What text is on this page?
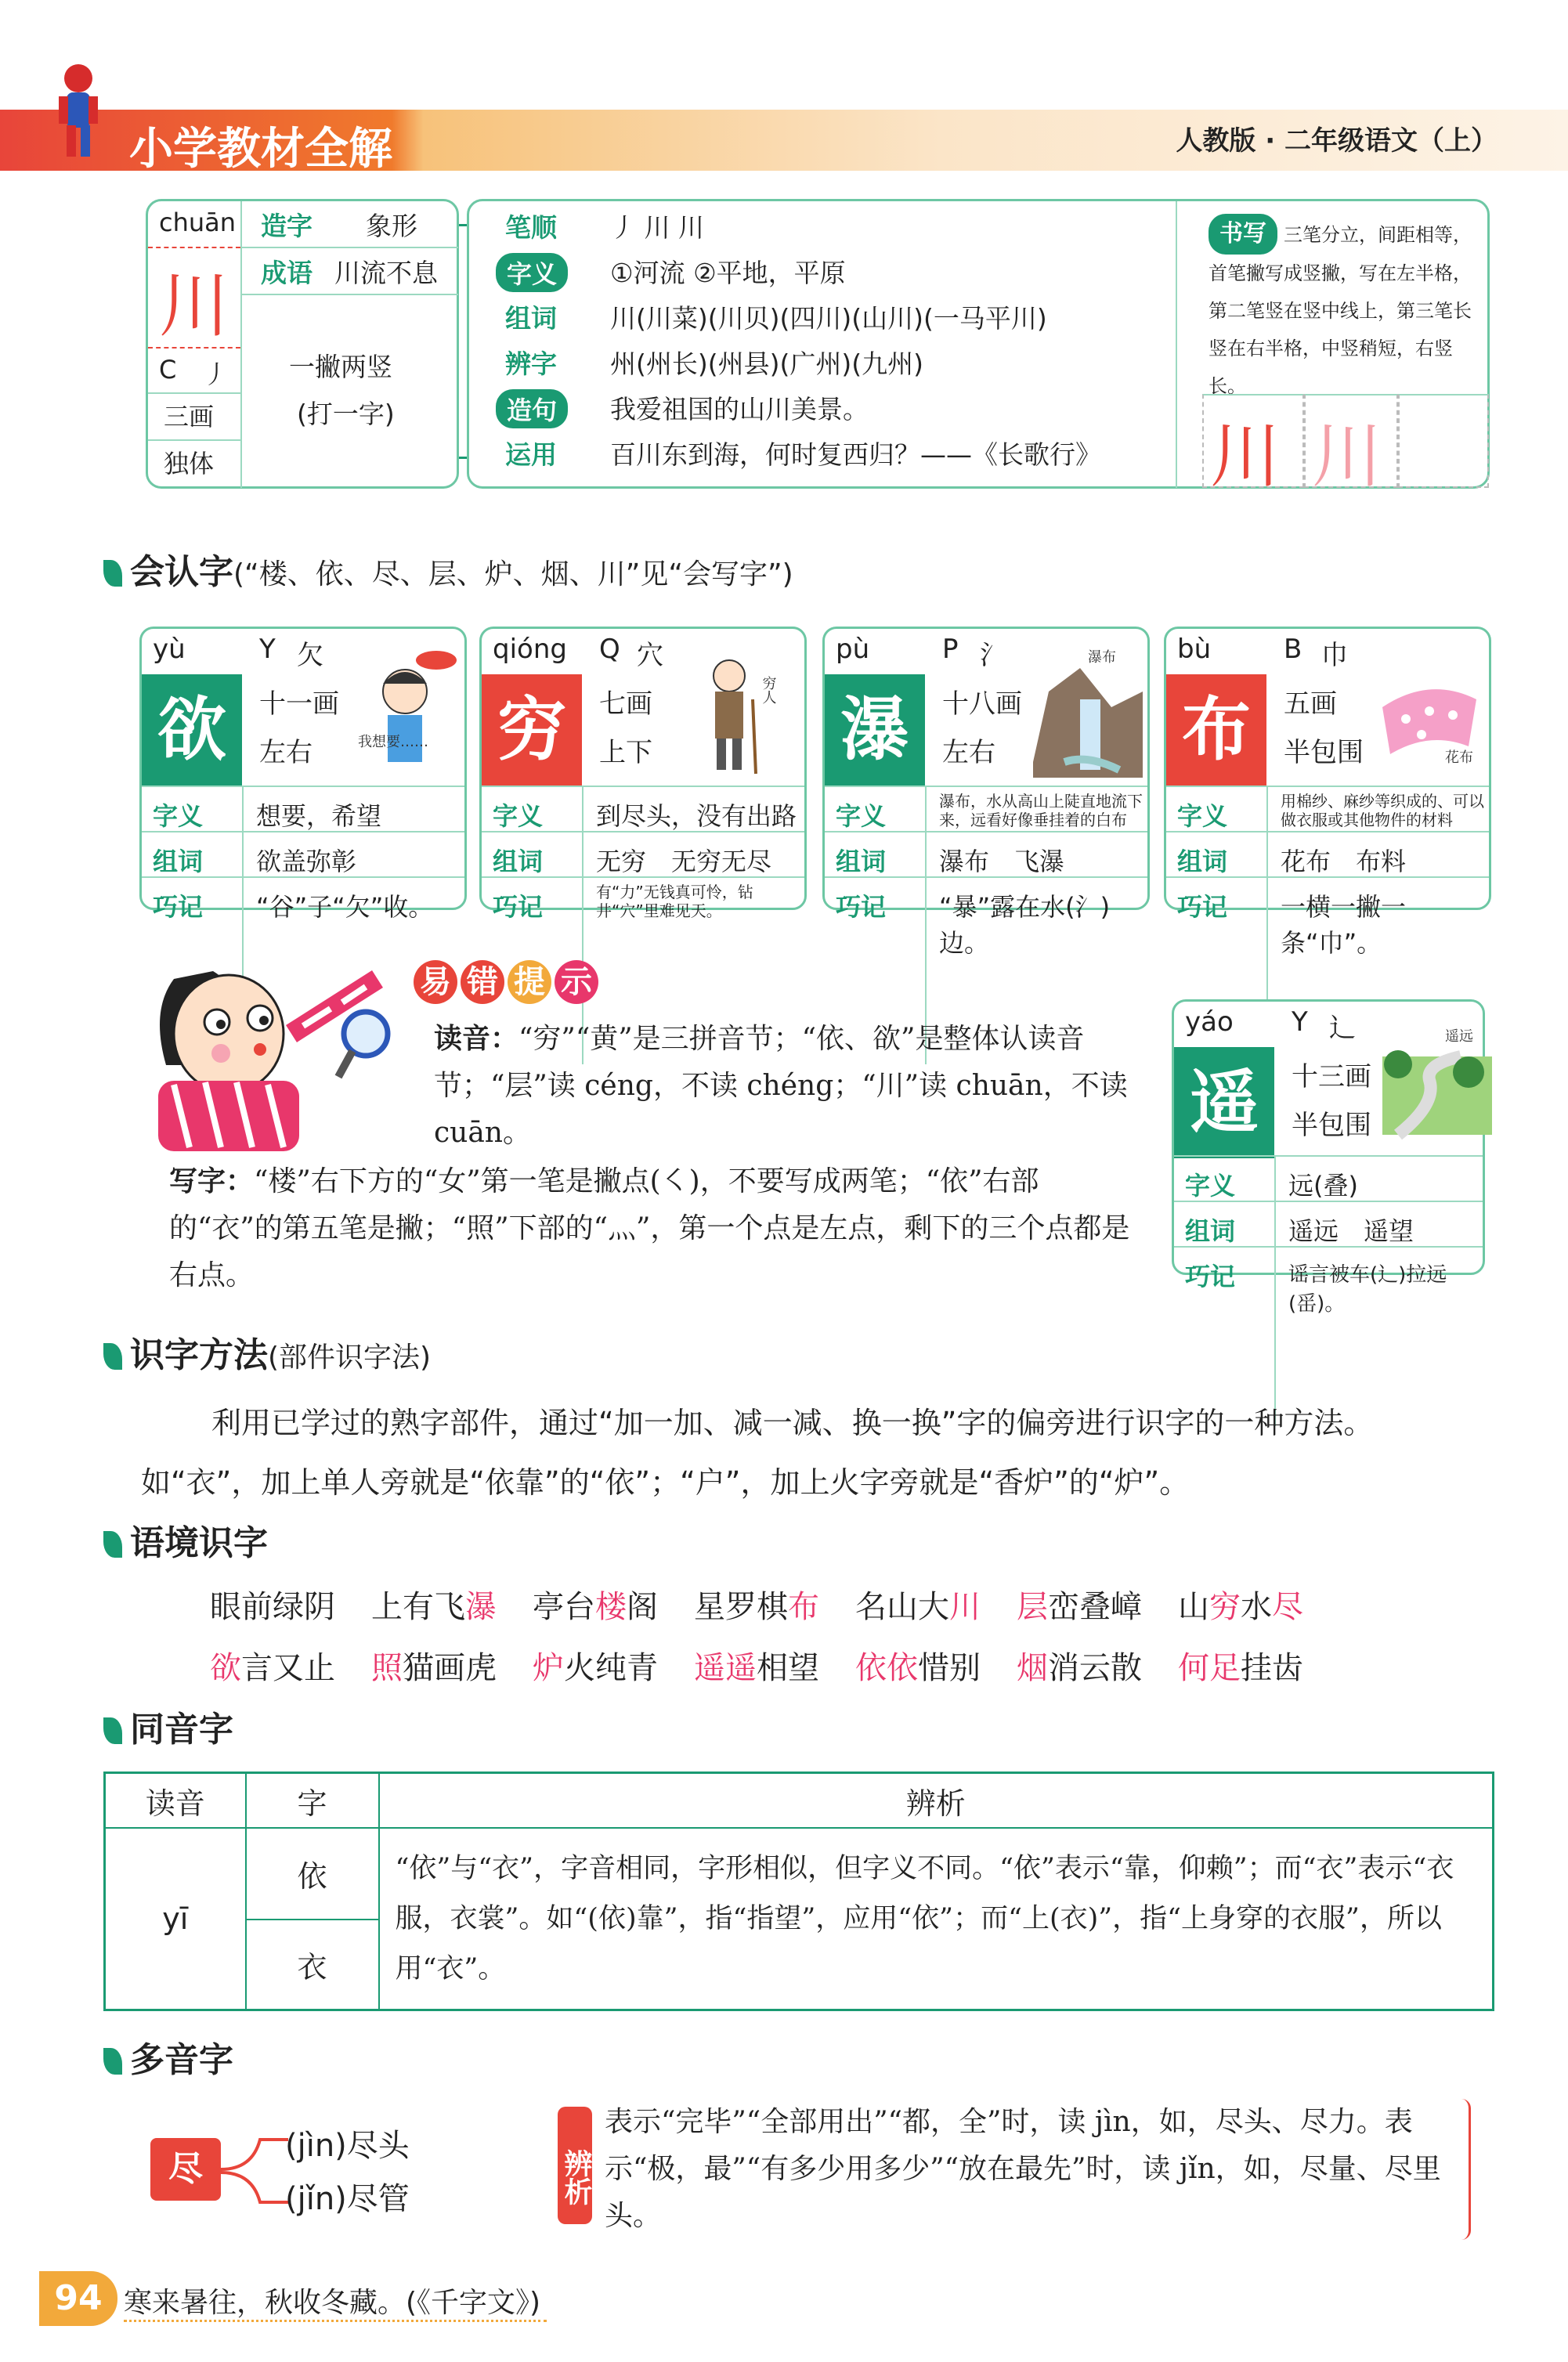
小学教材全解	人教版 · 二年级语文（上）
chuān
川
C 丿
三画
独体
造字 象形
成语 川流不息
一撇两竖
(打一字)
笔顺 丿 川 川
字义	①河流 ②平地，平原
组词 川(川菜)(川贝)(四川)(山川)(一马平川)
辨字 州(州长)(州县)(广州)(九州)
造句	我爱祖国的山川美景。
运用 百川东到海，何时复西归？——《长歌行》
书写 三笔分立，间距相等，首笔撇写成竖撇，写在左半格，第二笔竖在竖中线上，第三笔长竖在右半格，中竖稍短，右竖长。
川 川
会认字(“楼、依、尽、层、炉、烟、川”见“会写字”)
yù	Y 欠
欲	十一画
左右	我想要……
字义 想要，希望
组词 欲盖弥彰
巧记 “谷”子“欠”收。
qióng Q 穴
穷	七画
上下
穷人
字义 到尽头，没有出路
组词 无穷　无穷无尽
巧记	有“力”无钱真可怜，钻井“穴”里难见天。
pù	P 氵
瀑	十八画
左右
瀑布
字义	瀑布，水从高山上陡直地流下来，远看好像垂挂着的白布
组词 瀑布　飞瀑
巧记 “暴”露在水(氵)边。
bù	B 巾
布	五画
半包围	花布
字义	用棉纱、麻纱等织成的、可以做衣服或其他物件的材料
组词 花布　布料
巧记 一横一撇一条“巾”。
易 错 提 示
读音：“穷”“黄”是三拼音节；“依、欲”是整体认读音节；“层”读 céng，不读 chéng；“川”读 chuān，不读 cuān。
写字：“楼”右下方的“女”第一笔是撇点(㇛)，不要写成两笔；“依”右部的“衣”的第五笔是撇；“照”下部的“灬”，第一个点是左点，剩下的三个点都是右点。
yáo Y 辶
遥	十三画
半包围
遥远
字义 远(叠)
组词 遥远　遥望
巧记	谣言被车(辶)拉远(䍃)。
识字方法(部件识字法)
利用已学过的熟字部件，通过“加一加、减一减、换一换”字的偏旁进行识字的一种方法。
如“衣”，加上单人旁就是“依靠”的“依”；“户”，加上火字旁就是“香炉”的“炉”。
语境识字
眼前绿阴 上有飞瀑 亭台楼阁 星罗棋布 名山大川 层峦叠嶂 山穷水尽
欲言又止 照猫画虎 炉火纯青 遥遥相望 依依惜别 烟消云散 何足挂齿
同音字
读音	字	辨析
yī	依	“依”与“衣”，字音相同，字形相似，但字义不同。“依”表示“靠，仰赖”；而“衣”表示“衣服，衣裳”。如“(依)靠”，指“指望”，应用“依”；而“上(衣)”，指“上身穿的衣服”，所以用“衣”。
	衣	
多音字
尽
(jìn)尽头
(jǐn)尽管	辨析
表示“完毕”“全部用出”“都，全”时，读 jìn，如，尽头、尽力。表示“极，最”“有多少用多少”“放在最先”时，读 jǐn，如，尽量、尽里头。
94 寒来暑往，秋收冬藏。(《千字文》)
